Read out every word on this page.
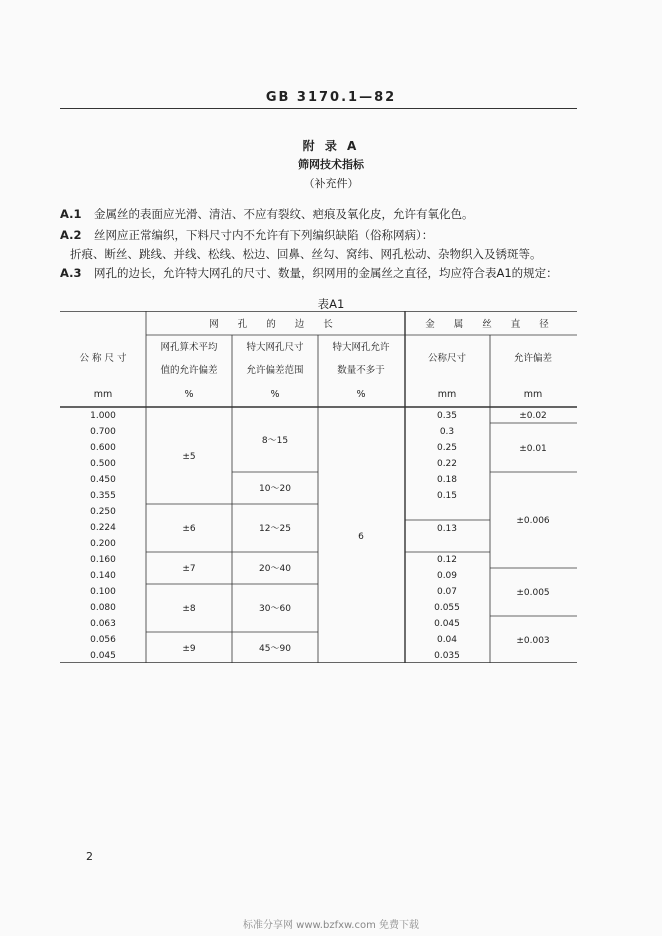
GB 3170.1—82
附 录 A
筛网技术指标
（补充件）
A.1 金属丝的表面应光滑、清洁、不应有裂纹、疤痕及氧化皮，允许有氧化色。
A.2 丝网应正常编织，下料尺寸内不允许有下列编织缺陷（俗称网病）：
折痕、断丝、跳线、并线、松线、松边、回鼻、丝勾、窝纬、网孔松动、杂物织入及锈斑等。
A.3 网孔的边长，允许特大网孔的尺寸、数量，织网用的金属丝之直径，均应符合表A1的规定：
表A1
网 孔 的 边 长	金 属 丝 直 径
公 称 尺 寸
mm
网孔算术平均
值的允许偏差
%
特大网孔尺寸
允许偏差范围
%
特大网孔允许
数量不多于
%
公称尺寸
mm
允许偏差
mm
1.000
0.700
0.600
0.500
0.450
0.355
0.250
0.224
0.200
0.160
0.140
0.100
0.080
0.063
0.056
0.045
±5
±6
±7
±8
±9
8～15
10～20
12～25
20～40
30～60
45～90
6
0.35
0.3
0.25
0.22
0.18
0.15
0.13
0.12
0.09
0.07
0.055
0.045
0.04
0.035
±0.02
±0.01
±0.006
±0.005
±0.003
2
标准分享网 www.bzfxw.com 免费下载
